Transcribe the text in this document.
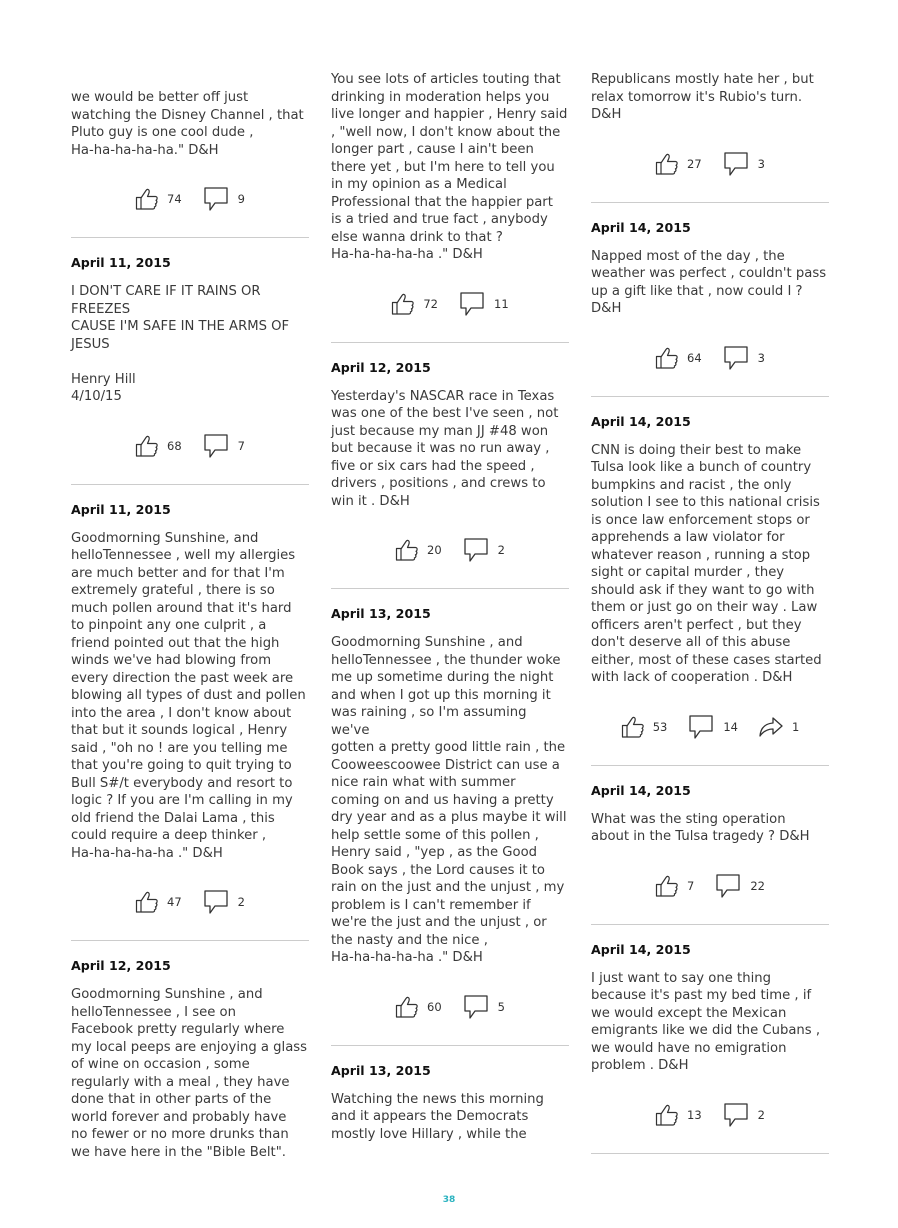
we would be better off just
watching the Disney Channel , that
Pluto guy is one cool dude ,
Ha-ha-ha-ha-ha." D&H

74	9
April 11, 2015

I DON'T CARE IF IT RAINS OR
FREEZES
CAUSE I'M SAFE IN THE ARMS OF
JESUS

Henry Hill
4/10/15

68	7
April 11, 2015

Goodmorning Sunshine, and
helloTennessee , well my allergies
are much better and for that I'm
extremely grateful , there is so
much pollen around that it's hard
to pinpoint any one culprit , a
friend pointed out that the high
winds we've had blowing from
every direction the past week are
blowing all types of dust and pollen
into the area , I don't know about
that but it sounds logical , Henry
said , "oh no ! are you telling me
that you're going to quit trying to
Bull S#/t everybody and resort to
logic ? If you are I'm calling in my
old friend the Dalai Lama , this
could require a deep thinker ,
Ha-ha-ha-ha-ha ." D&H

47	2
April 12, 2015

Goodmorning Sunshine , and
helloTennessee , I see on
Facebook pretty regularly where
my local peeps are enjoying a glass
of wine on occasion , some
regularly with a meal , they have
done that in other parts of the
world forever and probably have
no fewer or no more drunks than
we have here in the "Bible Belt".

You see lots of articles touting that
drinking in moderation helps you
live longer and happier , Henry said
, "well now, I don't know about the
longer part , cause I ain't been
there yet , but I'm here to tell you
in my opinion as a Medical
Professional that the happier part
is a tried and true fact , anybody
else wanna drink to that ?
Ha-ha-ha-ha-ha ." D&H

72	11
April 12, 2015

Yesterday's NASCAR race in Texas
was one of the best I've seen , not
just because my man JJ #48 won
but because it was no run away ,
five or six cars had the speed ,
drivers , positions , and crews to
win it . D&H

20	2
April 13, 2015

Goodmorning Sunshine , and
helloTennessee , the thunder woke
me up sometime during the night
and when I got up this morning it
was raining , so I'm assuming we've
gotten a pretty good little rain , the
Cooweescoowee District can use a
nice rain what with summer
coming on and us having a pretty
dry year and as a plus maybe it will
help settle some of this pollen ,
Henry said , "yep , as the Good
Book says , the Lord causes it to
rain on the just and the unjust , my
problem is I can't remember if
we're the just and the unjust , or
the nasty and the nice ,
Ha-ha-ha-ha-ha ." D&H

60	5
April 13, 2015

Watching the news this morning
and it appears the Democrats
mostly love Hillary , while the

Republicans mostly hate her , but
relax tomorrow it's Rubio's turn.
D&H

27	3
April 14, 2015

Napped most of the day , the
weather was perfect , couldn't pass
up a gift like that , now could I ?
D&H

64	3
April 14, 2015

CNN is doing their best to make
Tulsa look like a bunch of country
bumpkins and racist , the only
solution I see to this national crisis
is once law enforcement stops or
apprehends a law violator for
whatever reason , running a stop
sight or capital murder , they
should ask if they want to go with
them or just go on their way . Law
officers aren't perfect , but they
don't deserve all of this abuse
either, most of these cases started
with lack of cooperation . D&H

53	14	1
April 14, 2015

What was the sting operation
about in the Tulsa tragedy ? D&H

7	22
April 14, 2015

I just want to say one thing
because it's past my bed time , if
we would except the Mexican
emigrants like we did the Cubans ,
we would have no emigration
problem . D&H

13	2
38
